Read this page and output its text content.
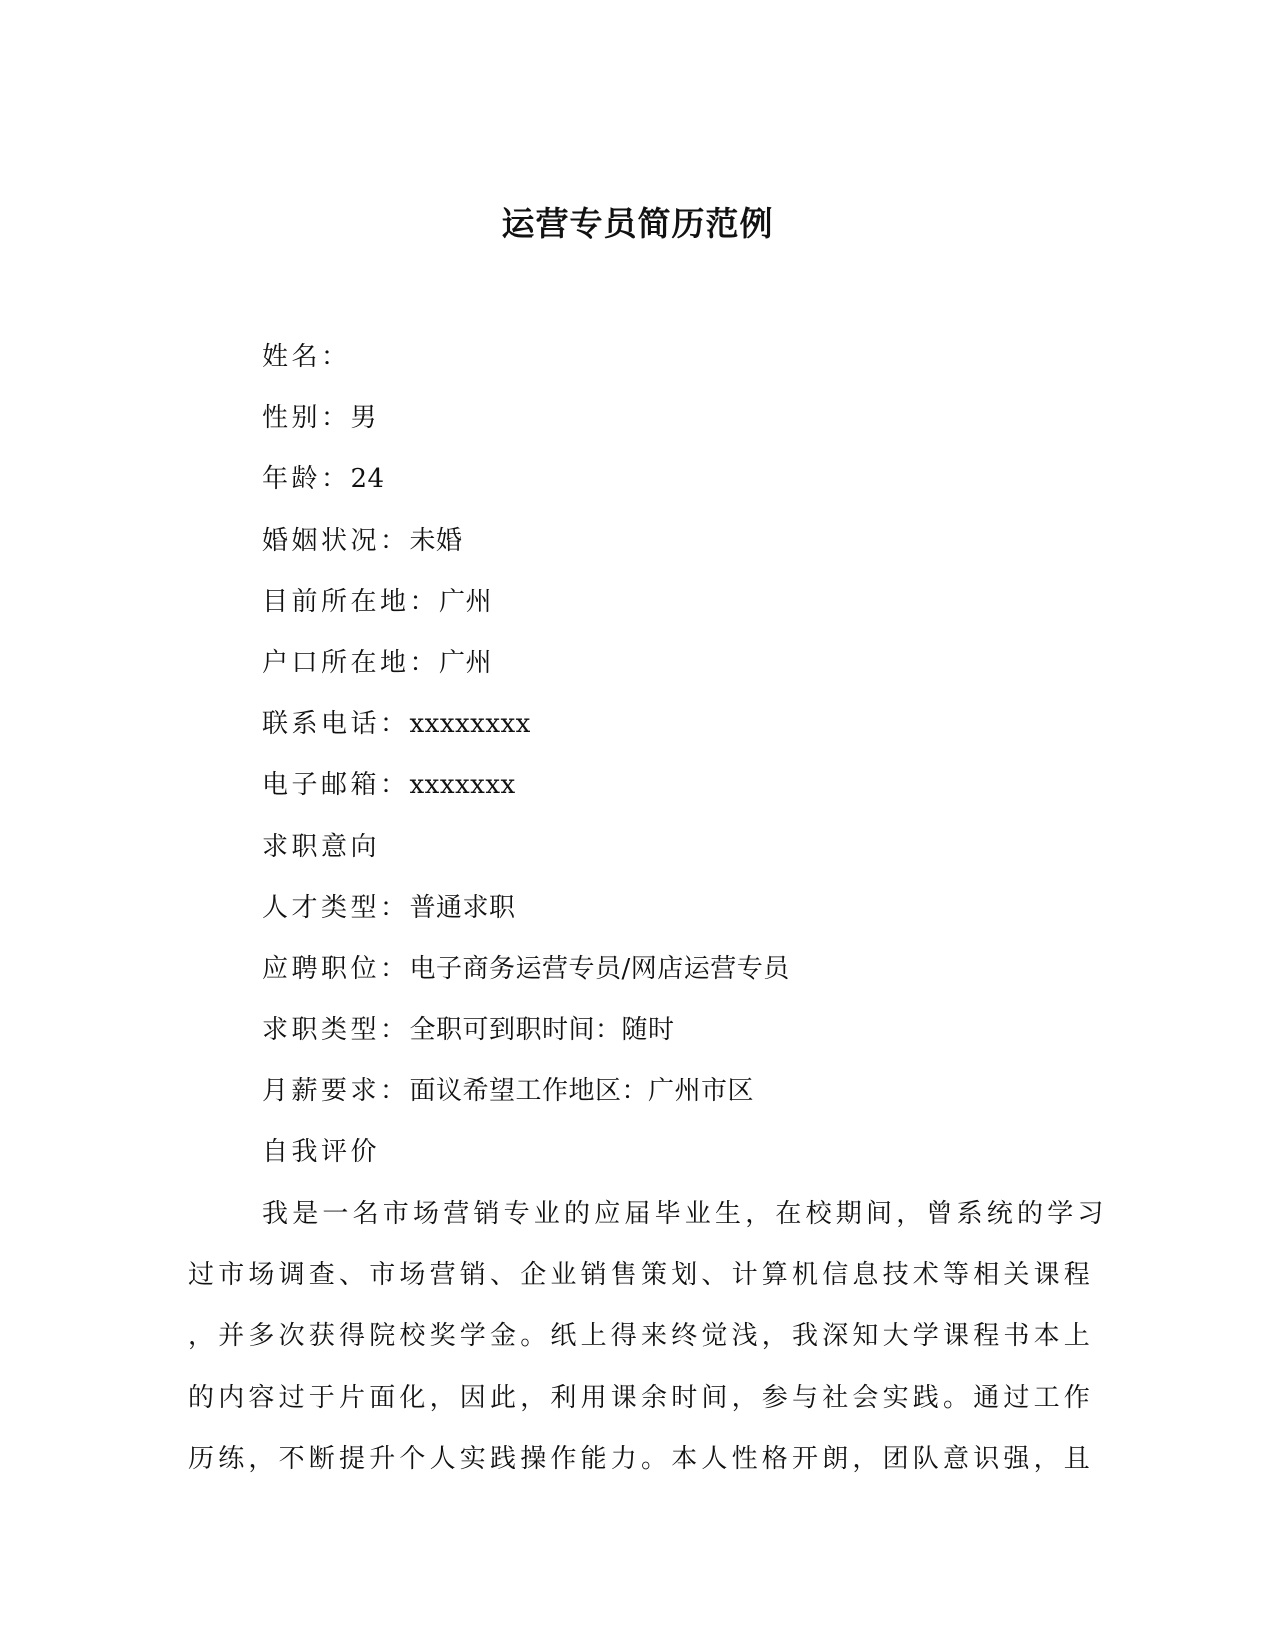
运营专员简历范例
姓名：
性别：男
年龄：24
婚姻状况：未婚
目前所在地：广州
户口所在地：广州
联系电话：xxxxxxxx
电子邮箱：xxxxxxx
求职意向
人才类型：普通求职
应聘职位：电子商务运营专员/网店运营专员
求职类型：全职可到职时间：随时
月薪要求：面议希望工作地区：广州市区
自我评价

我是一名市场营销专业的应届毕业生，在校期间，曾系统的学习
过市场调查、市场营销、企业销售策划、计算机信息技术等相关课程
，并多次获得院校奖学金。纸上得来终觉浅，我深知大学课程书本上
的内容过于片面化，因此，利用课余时间，参与社会实践。通过工作
历练，不断提升个人实践操作能力。本人性格开朗，团队意识强，且
